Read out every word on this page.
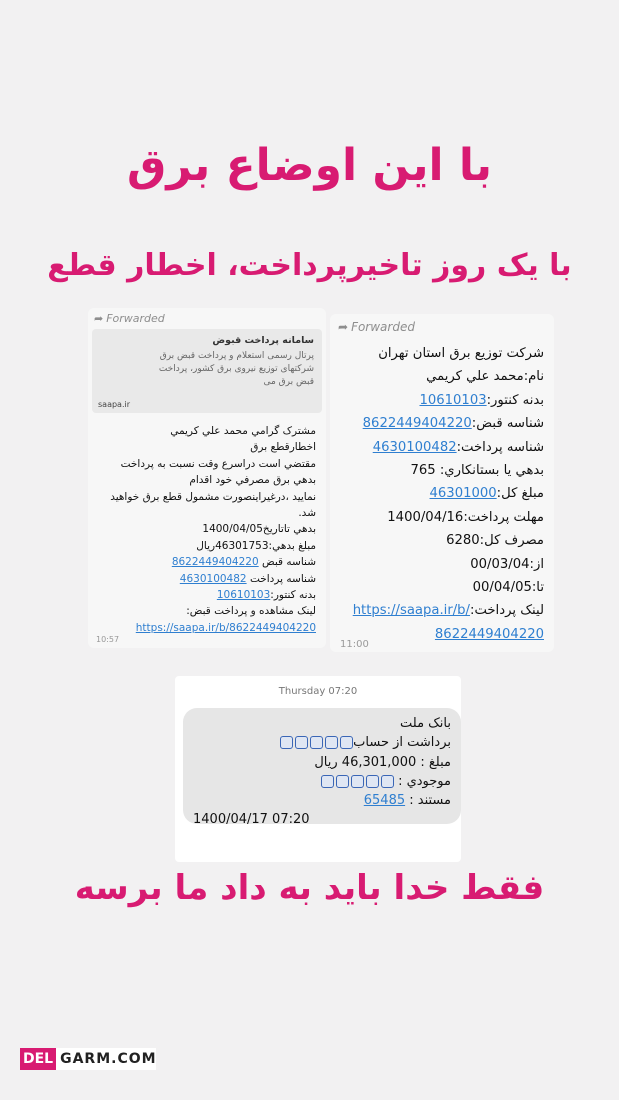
با این اوضاع برق
با یک روز تاخیرپرداخت، اخطار قطع
➦ Forwarded
سامانه پرداخت قبوض
پرتال رسمی استعلام و پرداخت قبض برق
شرکتهای توزیع نیروی برق کشور، پرداخت
قبض برق می
saapa.ir
مشترک گرامي محمد علي كريمي
اخطارقطع برق
مقتضي است دراسرع وقت نسبت به پرداخت
بدهي برق مصرفي خود اقدام
نماييد ،درغيراينصورت مشمول قطع برق خواهيد
شد.
بدهي تاتاريخ1400/04/05
مبلغ بدهي:46301753ريال
شناسه قبض 8622449404220
شناسه پرداخت 4630100482
بدنه كنتور:10610103
لينک مشاهده و پرداخت قبض:
https://saapa.ir/b/8622449404220
10:57
➦ Forwarded
شرکت توزیع برق استان تهران
نام:محمد علي كريمي
بدنه كنتور:10610103
شناسه قبض:8622449404220
شناسه پرداخت:4630100482
بدهي يا بستانكاري: 765
مبلغ کل:46301000
مهلت پرداخت:1400/04/16
مصرف کل:6280
از:00/03/04
تا:00/04/05
لينک پرداخت:https://saapa.ir/b/
8622449404220
11:00
Thursday 07:20
بانک ملت
برداشت از حساب
مبلغ : 46,301,000 ريال
موجودي :
مستند : 65485
1400/04/17 07:20
فقط خدا باید به داد ما برسه
DEL GARM.COM
